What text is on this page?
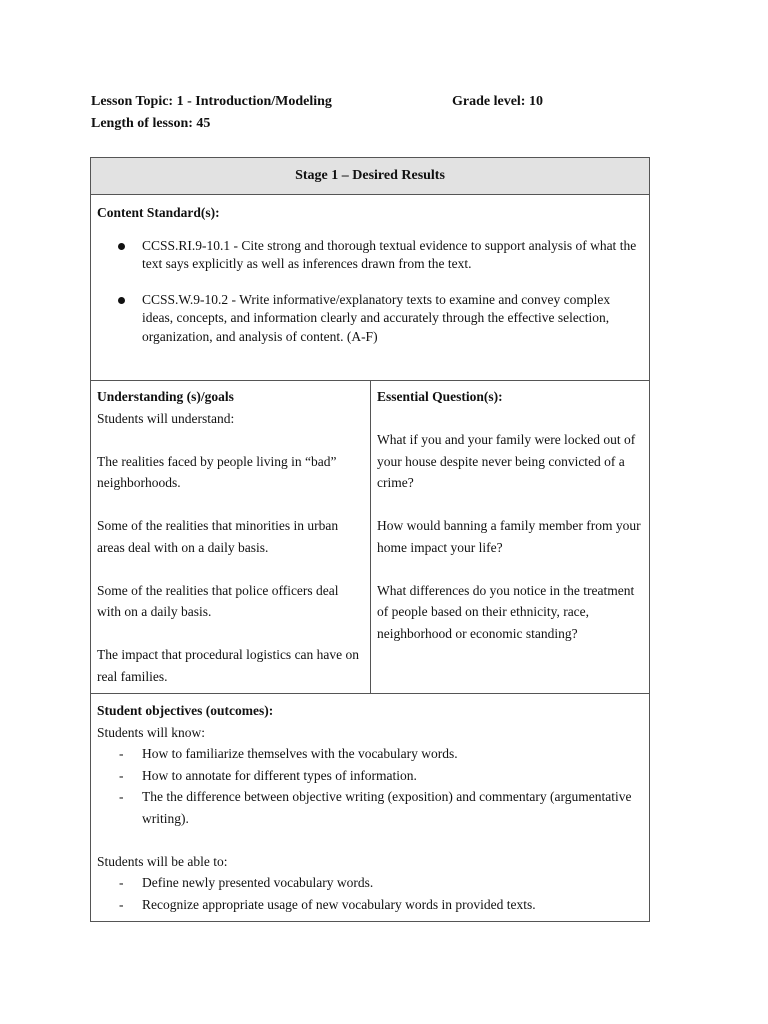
Lesson Topic: 1 - Introduction/Modeling	Grade level: 10
Length of lesson: 45
Stage 1 – Desired Results
Content Standard(s):
CCSS.RI.9-10.1 - Cite strong and thorough textual evidence to support analysis of what the text says explicitly as well as inferences drawn from the text.
CCSS.W.9-10.2 - Write informative/explanatory texts to examine and convey complex ideas, concepts, and information clearly and accurately through the effective selection, organization, and analysis of content. (A-F)
Understanding (s)/goals
Students will understand:
The realities faced by people living in “bad” neighborhoods.
Some of the realities that minorities in urban areas deal with on a daily basis.
Some of the realities that police officers deal with on a daily basis.
The impact that procedural logistics can have on real families.
Essential Question(s):
What if you and your family were locked out of your house despite never being convicted of a crime?
How would banning a family member from your home impact your life?
What differences do you notice in the treatment of people based on their ethnicity, race, neighborhood or economic standing?
Student objectives (outcomes):
Students will know:
- How to familiarize themselves with the vocabulary words.
- How to annotate for different types of information.
- The the difference between objective writing (exposition) and commentary (argumentative writing).
Students will be able to:
- Define newly presented vocabulary words.
- Recognize appropriate usage of new vocabulary words in provided texts.
